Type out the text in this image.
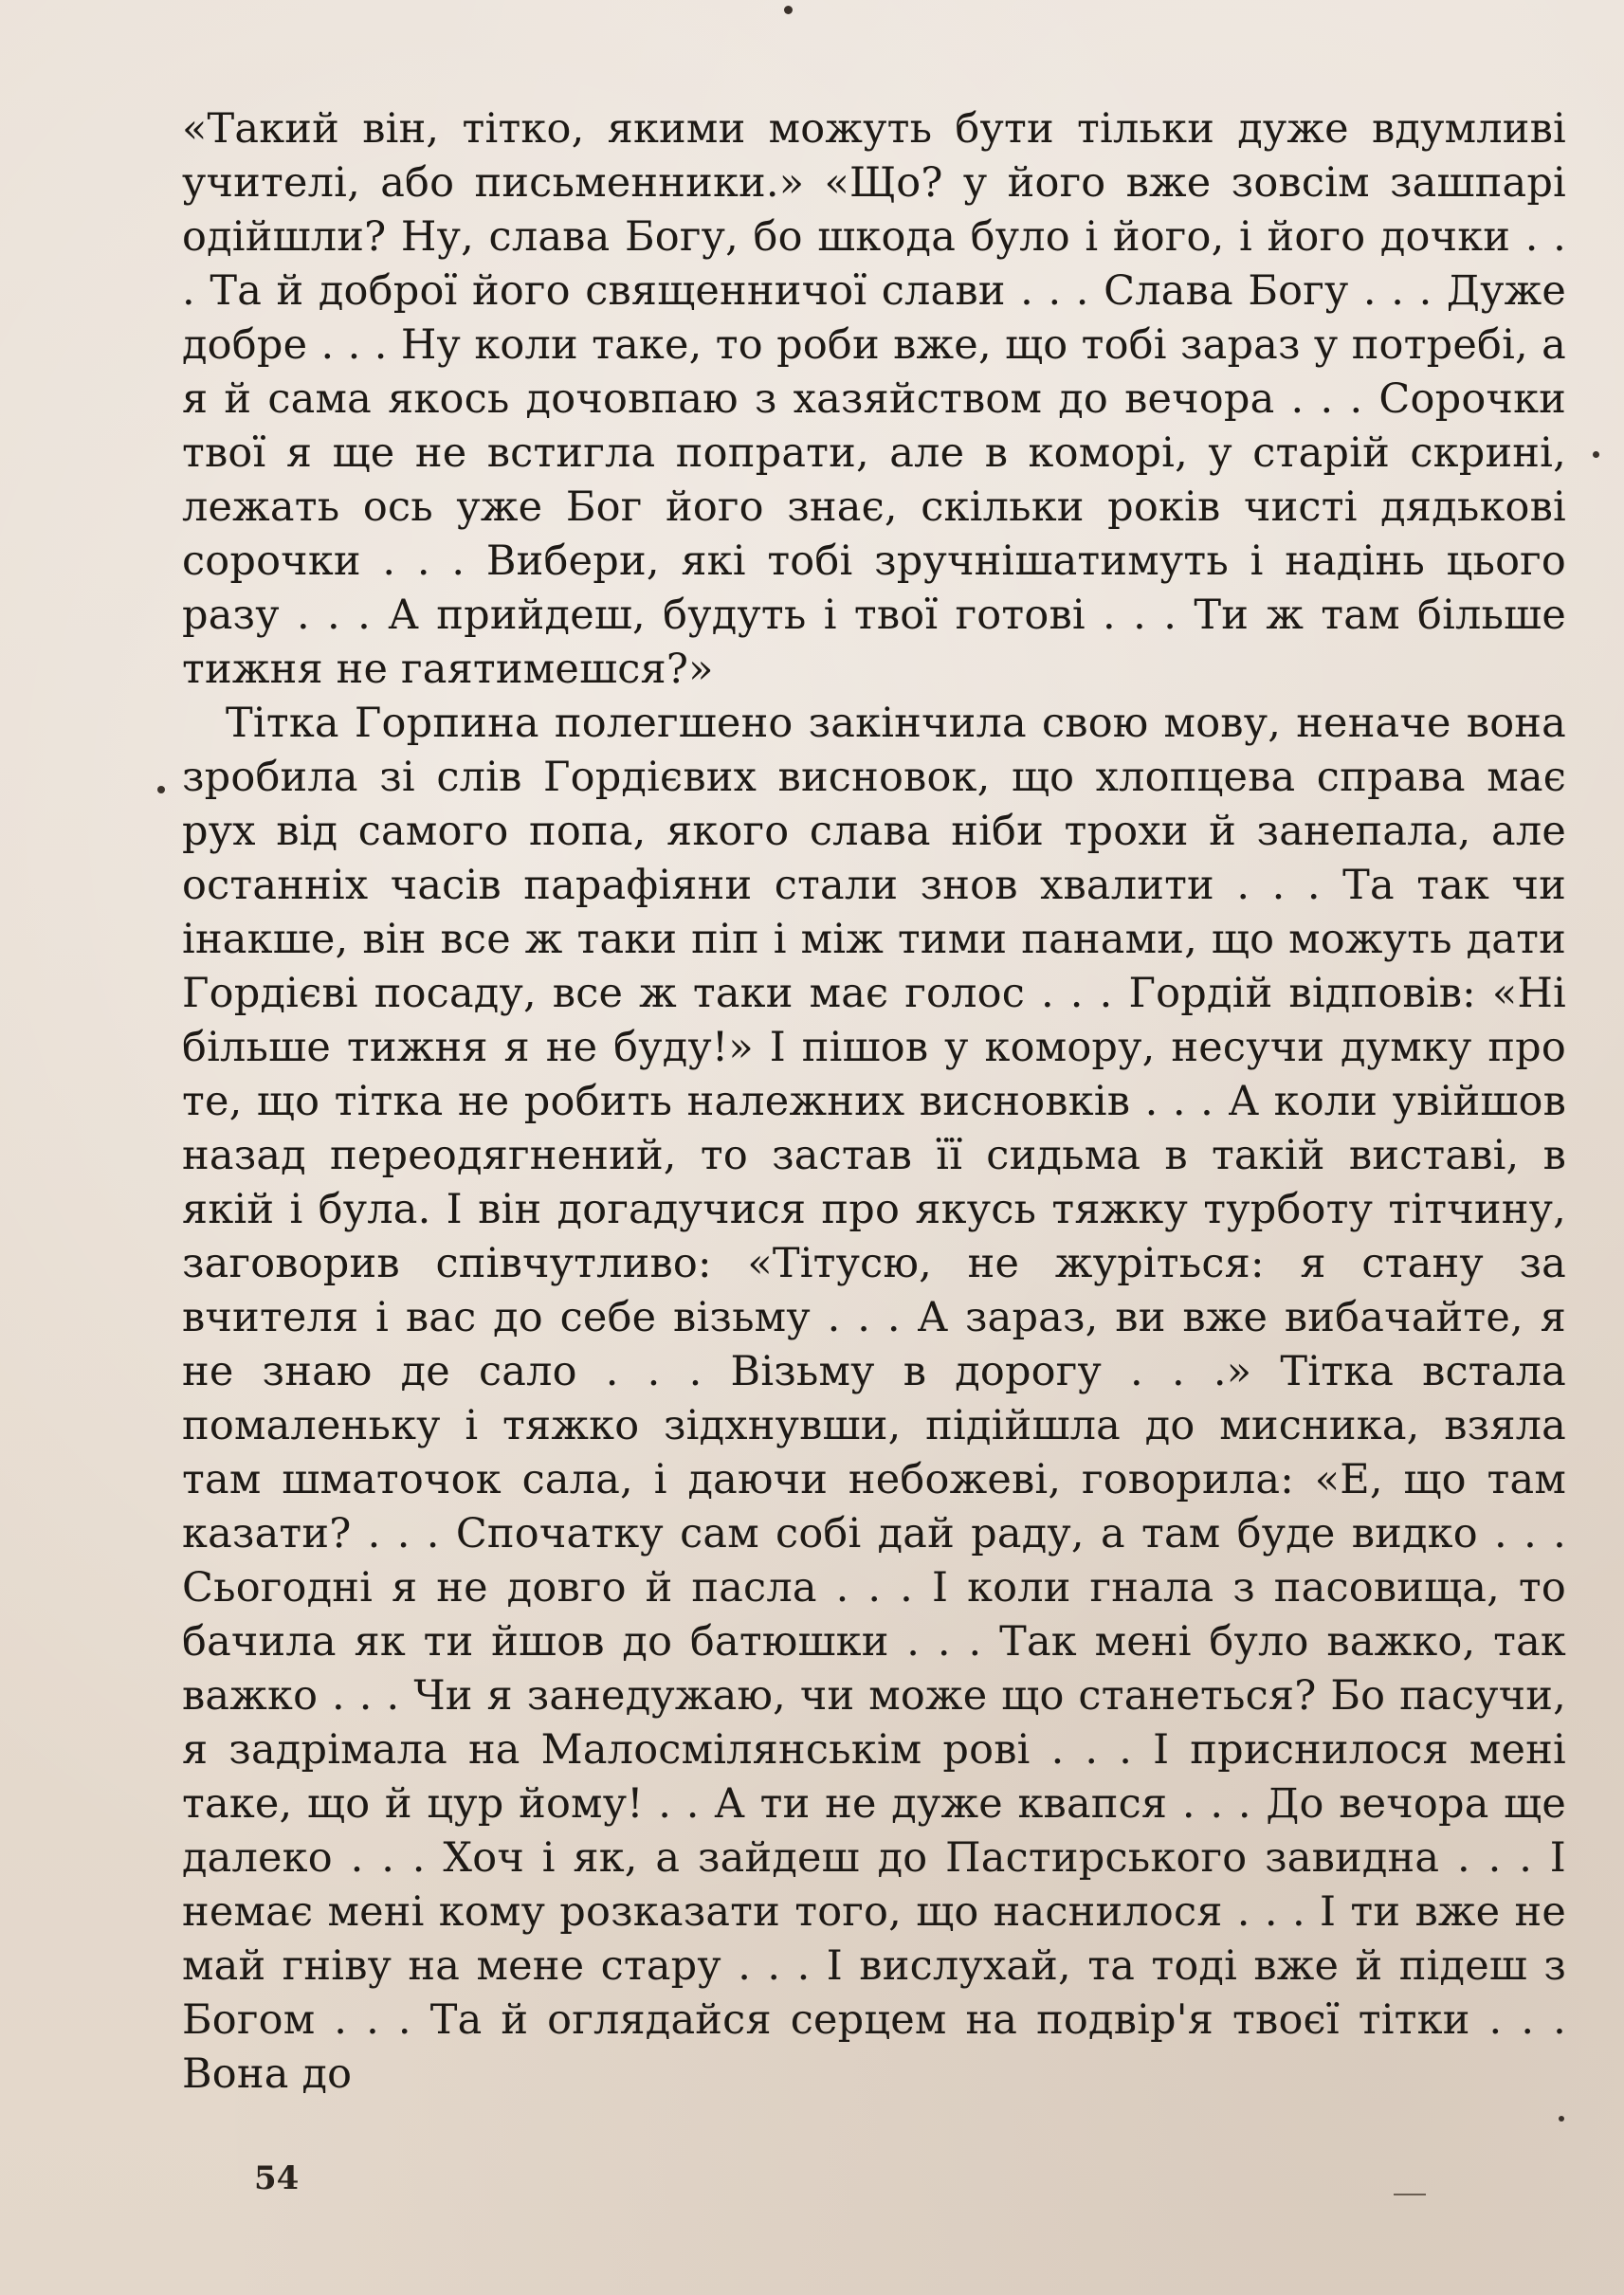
«Такий він, тітко, якими можуть бути тільки дуже вдумливі учителі, або письменники.» «Що? у його вже зовсім зашпарі одійшли? Ну, слава Богу, бо шкода було і його, і його дочки . . . Та й доброї його священничої слави . . . Слава Богу . . . Дуже добре . . . Ну коли таке, то роби вже, що тобі зараз у потребі, а я й сама якось дочовпаю з хазяйством до вечора . . . Сорочки твої я ще не встигла попрати, але в коморі, у старій скрині, лежать ось уже Бог його знає, скільки років чисті дядькові сорочки . . . Вибери, які тобі зручнішатимуть і надінь цього разу . . . А прийдеш, будуть і твої готові . . . Ти ж там більше тижня не гаятимешся?»

Тітка Горпина полегшено закінчила свою мову, неначе вона зробила зі слів Гордієвих висновок, що хлопцева справа має рух від самого попа, якого слава ніби трохи й занепала, але останніх часів парафіяни стали знов хвалити . . . Та так чи інакше, він все ж таки піп і між тими панами, що можуть дати Гордієві посаду, все ж таки має голос . . . Гордій відповів: «Ні більше тижня я не буду!» І пішов у комору, несучи думку про те, що тітка не робить належних висновків . . . А коли увійшов назад переодягнений, то застав її сидьма в такій виставі, в якій і була. І він догадучися про якусь тяжку турботу тітчину, заговорив співчутливо: «Тітусю, не журіться: я стану за вчителя і вас до себе візьму . . . А зараз, ви вже вибачайте, я не знаю де сало . . . Візьму в дорогу . . .» Тітка встала помаленьку і тяжко зідхнувши, підійшла до мисника, взяла там шматочок сала, і даючи небожеві, говорила: «Е, що там казати? . . . Спочатку сам собі дай раду, а там буде видко . . . Сьогодні я не довго й пасла . . . І коли гнала з пасовища, то бачила як ти йшов до батюшки . . . Так мені було важко, так важко . . . Чи я занедужаю, чи може що станеться? Бо пасучи, я задрімала на Малосмілянськім рові . . . І приснилося мені таке, що й цур йому! . . А ти не дуже квапся . . . До вечора ще далеко . . . Хоч і як, а зайдеш до Пастирського завидна . . . І немає мені кому розказати того, що наснилося . . . І ти вже не май гніву на мене стару . . . І вислухай, та тоді вже й підеш з Богом . . . Та й оглядайся серцем на подвір'я твоєї тітки . . . Вона до

54
